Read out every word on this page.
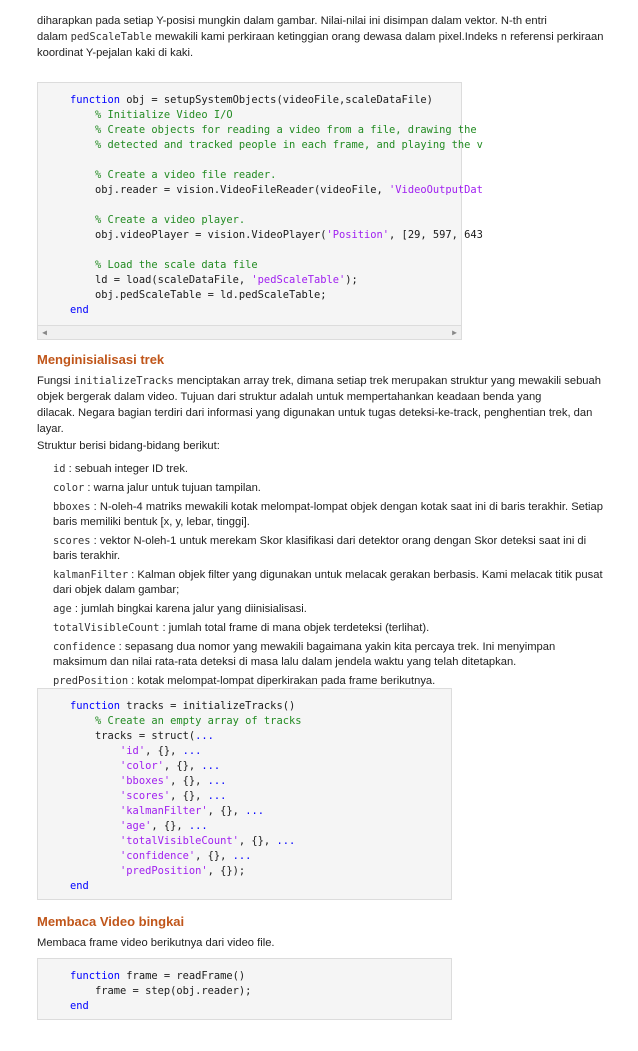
diharapkan pada setiap Y-posisi mungkin dalam gambar. Nilai-nilai ini disimpan dalam vektor. N-th entri

dalam pedScaleTable mewakili kami perkiraan ketinggian orang dewasa dalam pixel.Indeks n referensi perkiraan

koordinat Y-pejalan kaki di kaki.

function obj = setupSystemObjects(videoFile,scaleDataFile)
% Initialize Video I/O
% Create objects for reading a video from a file, drawing the
% detected and tracked people in each frame, and playing the v

% Create a video file reader.
obj.reader = vision.VideoFileReader(videoFile, 'VideoOutputDat

% Create a video player.
obj.videoPlayer = vision.VideoPlayer('Position', [29, 597, 643

% Load the scale data file
ld = load(scaleDataFile, 'pedScaleTable');
obj.pedScaleTable = ld.pedScaleTable;
end
◀	▶
Menginisialisasi trek

Fungsi initializeTracks menciptakan array trek, dimana setiap trek merupakan struktur yang mewakili sebuah

objek bergerak dalam video. Tujuan dari struktur adalah untuk mempertahankan keadaan benda yang

dilacak. Negara bagian terdiri dari informasi yang digunakan untuk tugas deteksi-ke-track, penghentian trek, dan

layar.

Struktur berisi bidang-bidang berikut:

id : sebuah integer ID trek.

color : warna jalur untuk tujuan tampilan.

bboxes : N-oleh-4 matriks mewakili kotak melompat-lompat objek dengan kotak saat ini di baris terakhir. Setiap baris memiliki bentuk [x, y, lebar, tinggi].

scores : vektor N-oleh-1 untuk merekam Skor klasifikasi dari detektor orang dengan Skor deteksi saat ini di baris terakhir.

kalmanFilter : Kalman objek filter yang digunakan untuk melacak gerakan berbasis. Kami melacak titik pusat dari objek dalam gambar;

age : jumlah bingkai karena jalur yang diinisialisasi.

totalVisibleCount : jumlah total frame di mana objek terdeteksi (terlihat).

confidence : sepasang dua nomor yang mewakili bagaimana yakin kita percaya trek. Ini menyimpan maksimum dan nilai rata-rata deteksi di masa lalu dalam jendela waktu yang telah ditetapkan.

predPosition : kotak melompat-lompat diperkirakan pada frame berikutnya.

function tracks = initializeTracks()
% Create an empty array of tracks
tracks = struct(...
'id', {}, ...
'color', {}, ...
'bboxes', {}, ...
'scores', {}, ...
'kalmanFilter', {}, ...
'age', {}, ...
'totalVisibleCount', {}, ...
'confidence', {}, ...
'predPosition', {});
end
Membaca Video bingkai

Membaca frame video berikutnya dari video file.

function frame = readFrame()
frame = step(obj.reader);
end
